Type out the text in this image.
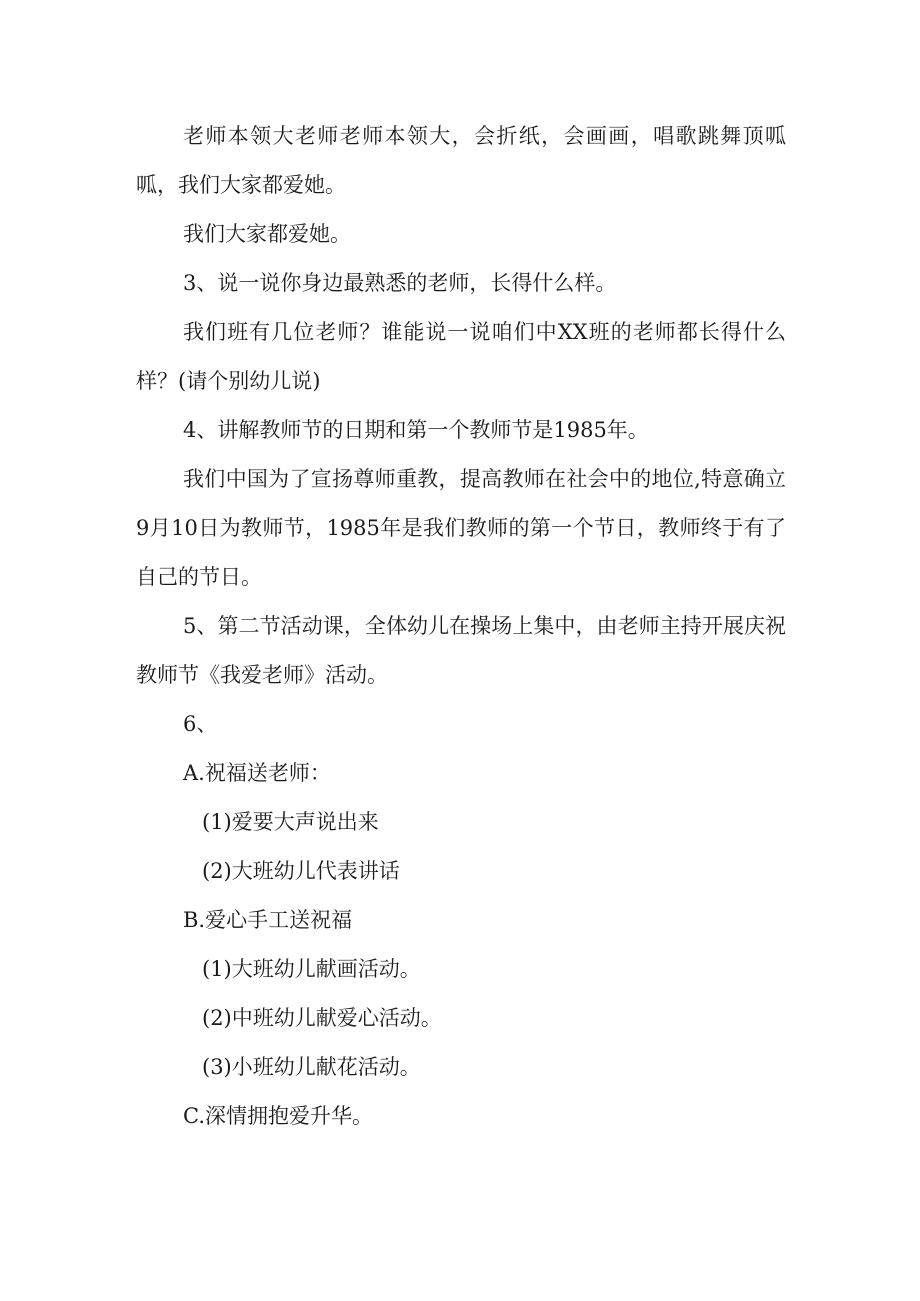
老师本领大老师老师本领大，会折纸，会画画，唱歌跳舞顶呱呱，我们大家都爱她。

我们大家都爱她。

3、说一说你身边最熟悉的老师，长得什么样。

我们班有几位老师？谁能说一说咱们中XX班的老师都长得什么样？(请个别幼儿说)

4、讲解教师节的日期和第一个教师节是1985年。

我们中国为了宣扬尊师重教，提高教师在社会中的地位,特意确立9月10日为教师节，1985年是我们教师的第一个节日，教师终于有了自己的节日。

5、第二节活动课，全体幼儿在操场上集中，由老师主持开展庆祝教师节《我爱老师》活动。

6、

A.祝福送老师：

(1)爱要大声说出来

(2)大班幼儿代表讲话

B.爱心手工送祝福

(1)大班幼儿献画活动。

(2)中班幼儿献爱心活动。

(3)小班幼儿献花活动。

C.深情拥抱爱升华。
